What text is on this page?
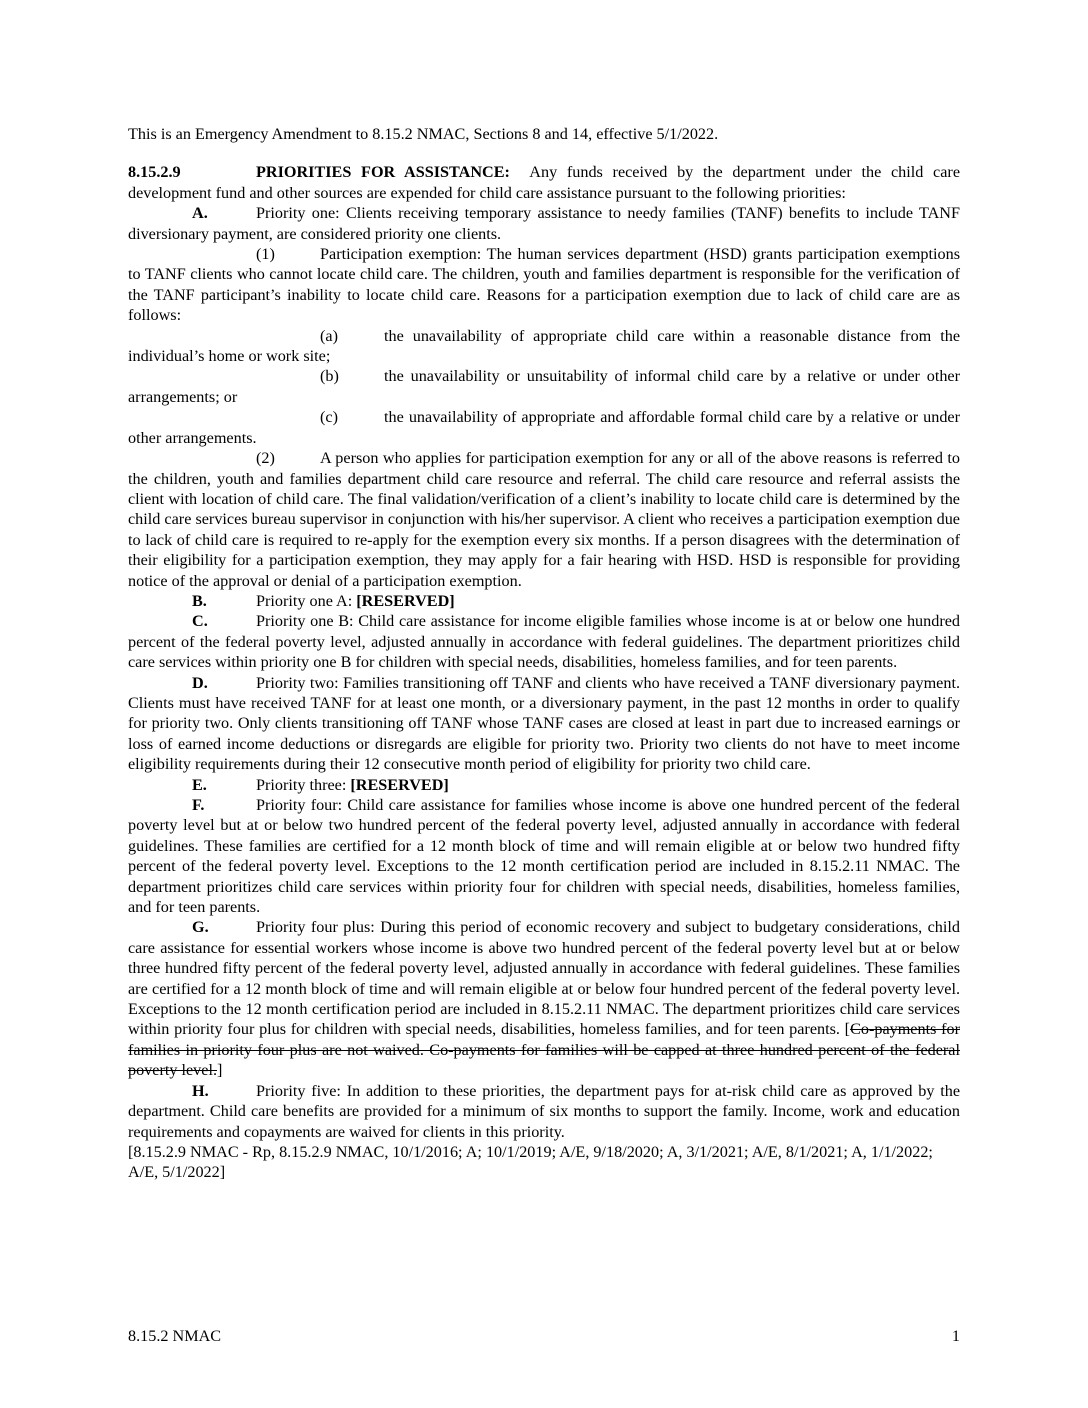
This is an Emergency Amendment to 8.15.2 NMAC, Sections 8 and 14, effective 5/1/2022.

8.15.2.9	PRIORITIES FOR ASSISTANCE: Any funds received by the department under the child care development fund and other sources are expended for child care assistance pursuant to the following priorities:

A.	Priority one: Clients receiving temporary assistance to needy families (TANF) benefits to include TANF diversionary payment, are considered priority one clients.

(1)	Participation exemption: The human services department (HSD) grants participation exemptions to TANF clients who cannot locate child care. The children, youth and families department is responsible for the verification of the TANF participant’s inability to locate child care. Reasons for a participation exemption due to lack of child care are as follows:

(a)	the unavailability of appropriate child care within a reasonable distance from the individual’s home or work site;

(b)	the unavailability or unsuitability of informal child care by a relative or under other arrangements; or

(c)	the unavailability of appropriate and affordable formal child care by a relative or under other arrangements.

(2)	A person who applies for participation exemption for any or all of the above reasons is referred to the children, youth and families department child care resource and referral. The child care resource and referral assists the client with location of child care. The final validation/verification of a client’s inability to locate child care is determined by the child care services bureau supervisor in conjunction with his/her supervisor. A client who receives a participation exemption due to lack of child care is required to re-apply for the exemption every six months. If a person disagrees with the determination of their eligibility for a participation exemption, they may apply for a fair hearing with HSD. HSD is responsible for providing notice of the approval or denial of a participation exemption.

B.	Priority one A: [RESERVED]

C.	Priority one B: Child care assistance for income eligible families whose income is at or below one hundred percent of the federal poverty level, adjusted annually in accordance with federal guidelines. The department prioritizes child care services within priority one B for children with special needs, disabilities, homeless families, and for teen parents.

D.	Priority two: Families transitioning off TANF and clients who have received a TANF diversionary payment. Clients must have received TANF for at least one month, or a diversionary payment, in the past 12 months in order to qualify for priority two. Only clients transitioning off TANF whose TANF cases are closed at least in part due to increased earnings or loss of earned income deductions or disregards are eligible for priority two. Priority two clients do not have to meet income eligibility requirements during their 12 consecutive month period of eligibility for priority two child care.

E.	Priority three: [RESERVED]

F.	Priority four: Child care assistance for families whose income is above one hundred percent of the federal poverty level but at or below two hundred percent of the federal poverty level, adjusted annually in accordance with federal guidelines. These families are certified for a 12 month block of time and will remain eligible at or below two hundred fifty percent of the federal poverty level. Exceptions to the 12 month certification period are included in 8.15.2.11 NMAC. The department prioritizes child care services within priority four for children with special needs, disabilities, homeless families, and for teen parents.

G.	Priority four plus: During this period of economic recovery and subject to budgetary considerations, child care assistance for essential workers whose income is above two hundred percent of the federal poverty level but at or below three hundred fifty percent of the federal poverty level, adjusted annually in accordance with federal guidelines. These families are certified for a 12 month block of time and will remain eligible at or below four hundred percent of the federal poverty level. Exceptions to the 12 month certification period are included in 8.15.2.11 NMAC. The department prioritizes child care services within priority four plus for children with special needs, disabilities, homeless families, and for teen parents. [Co-payments for families in priority four plus are not waived. Co-payments for families will be capped at three hundred percent of the federal poverty level.]

H.	Priority five: In addition to these priorities, the department pays for at-risk child care as approved by the department. Child care benefits are provided for a minimum of six months to support the family. Income, work and education requirements and copayments are waived for clients in this priority.

[8.15.2.9 NMAC - Rp, 8.15.2.9 NMAC, 10/1/2016; A; 10/1/2019; A/E, 9/18/2020; A, 3/1/2021; A/E, 8/1/2021; A, 1/1/2022; A/E, 5/1/2022]

8.15.2 NMAC	1
